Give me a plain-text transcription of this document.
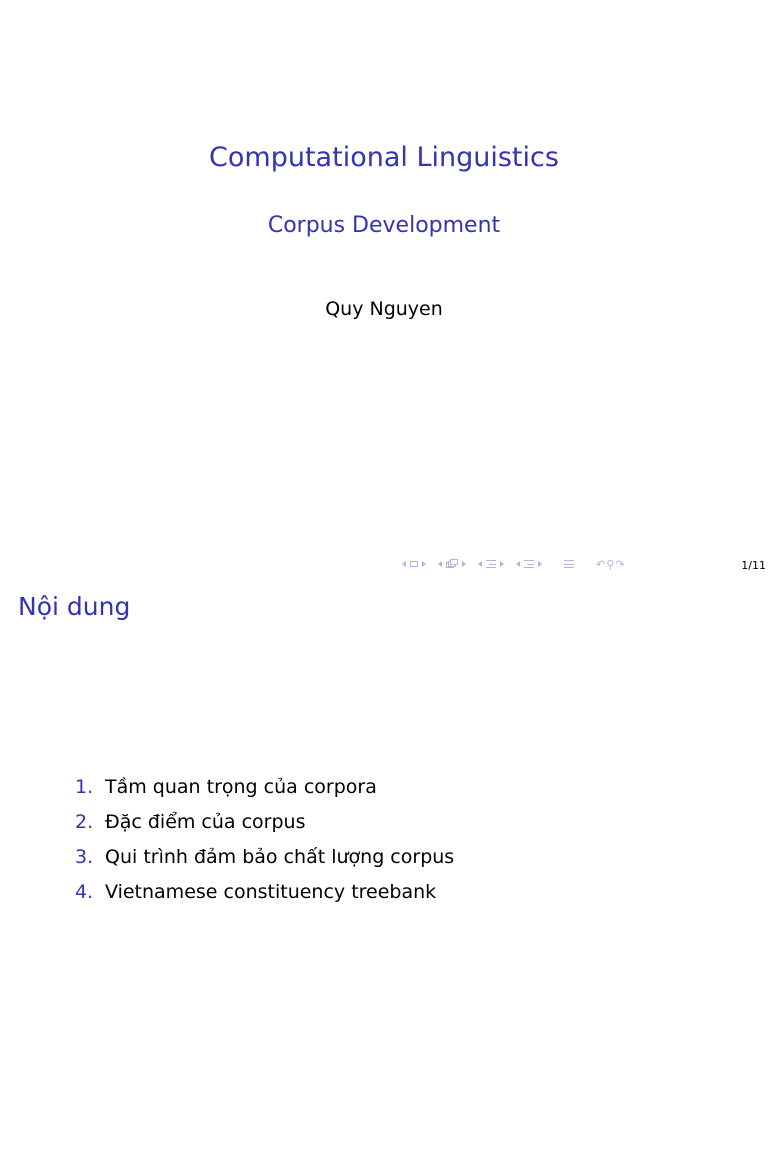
Computational Linguistics
Corpus Development
Quy Nguyen
↶⚲↷	1/11
Nội dung
1. Tầm quan trọng của corpora
2. Đặc điểm của corpus
3. Qui trình đảm bảo chất lượng corpus
4. Vietnamese constituency treebank
